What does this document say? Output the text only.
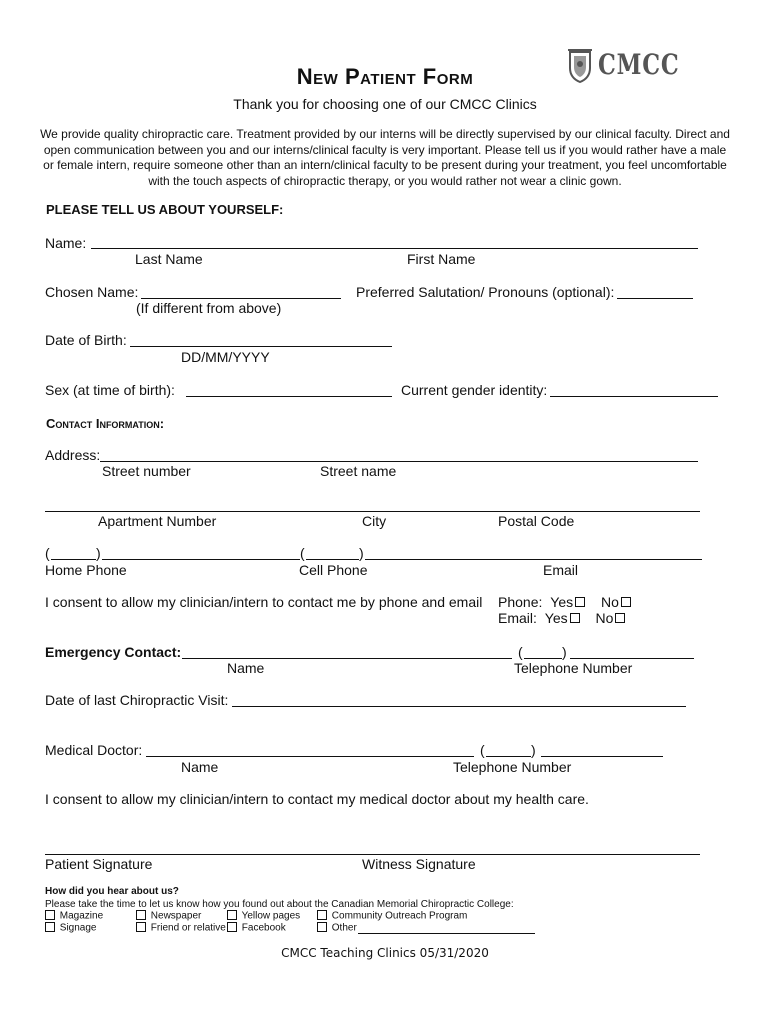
New Patient Form	CMCC
Thank you for choosing one of our CMCC Clinics
We provide quality chiropractic care. Treatment provided by our interns will be directly supervised by our clinical faculty. Direct and open communication between you and our interns/clinical faculty is very important. Please tell us if you would rather have a male or female intern, require someone other than an intern/clinical faculty to be present during your treatment, you feel uncomfortable with the touch aspects of chiropractic therapy, or you would rather not wear a clinic gown.
PLEASE TELL US ABOUT YOURSELF:
Name:
Last Name	First Name
Chosen Name:
(If different from above)
Preferred Salutation/ Pronouns (optional):
Date of Birth:
DD/MM/YYYY
Sex (at time of birth):	Current gender identity:
Contact Information:
Address:
Street number	Street name
Apartment Number	City	Postal Code
(	)	(	)
Home Phone	Cell Phone	Email
I consent to allow my clinician/intern to contact me by phone and email Phone: Yes No
Email: Yes No
Emergency Contact:	(	)
Name	Telephone Number
Date of last Chiropractic Visit:
Medical Doctor:	(	)
Name	Telephone Number
I consent to allow my clinician/intern to contact my medical doctor about my health care.
Patient Signature	Witness Signature
How did you hear about us?
Please take the time to let us know how you found out about the Canadian Memorial Chiropractic College:
Magazine	Newspaper	Yellow pages	Community Outreach Program
Signage	Friend or relative	Facebook	Other
CMCC Teaching Clinics 05/31/2020
